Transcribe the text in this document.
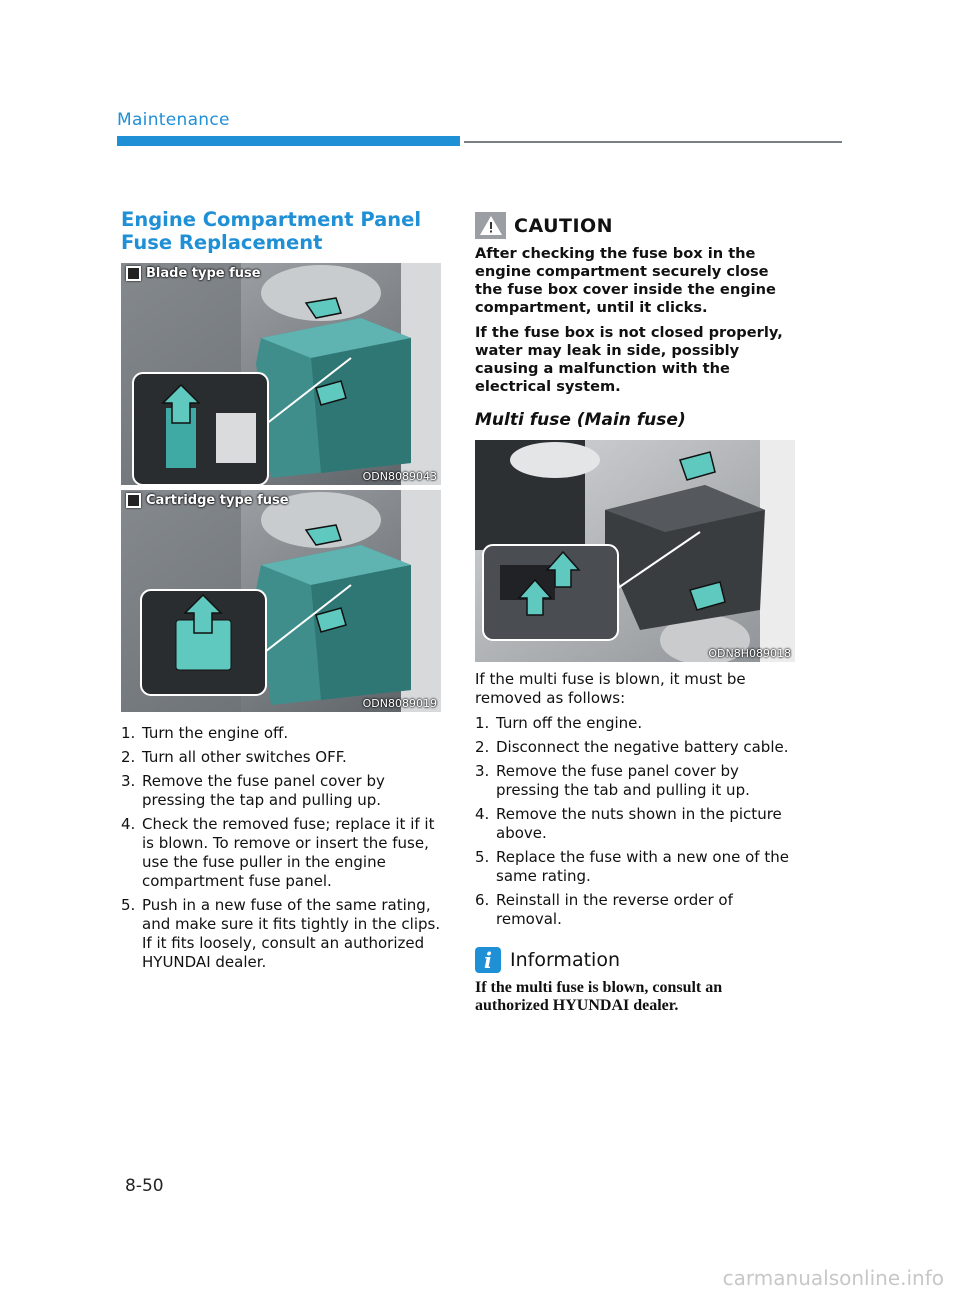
Maintenance
Engine Compartment Panel Fuse Replacement
Blade type fuse
ODN8089043
Cartridge type fuse
ODN8089019
1. Turn the engine off.
2. Turn all other switches OFF.
3. Remove the fuse panel cover by pressing the tap and pulling up.
4. Check the removed fuse; replace it if it is blown. To remove or insert the fuse, use the fuse puller in the engine compartment fuse panel.
5. Push in a new fuse of the same rating, and make sure it fits tightly in the clips. If it fits loosely, consult an authorized HYUNDAI dealer.
CAUTION

After checking the fuse box in the engine compartment securely close the fuse box cover inside the engine compartment, until it clicks.

If the fuse box is not closed properly, water may leak in side, possibly causing a malfunction with the electrical system.

Multi fuse (Main fuse)
ODN8H089018

If the multi fuse is blown, it must be removed as follows:

1. Turn off the engine.
2. Disconnect the negative battery cable.
3. Remove the fuse panel cover by pressing the tab and pulling it up.
4. Remove the nuts shown in the picture above.
5. Replace the fuse with a new one of the same rating.
6. Reinstall in the reverse order of removal.
i Information

If the multi fuse is blown, consult an authorized HYUNDAI dealer.

8-50
carmanualsonline.info
